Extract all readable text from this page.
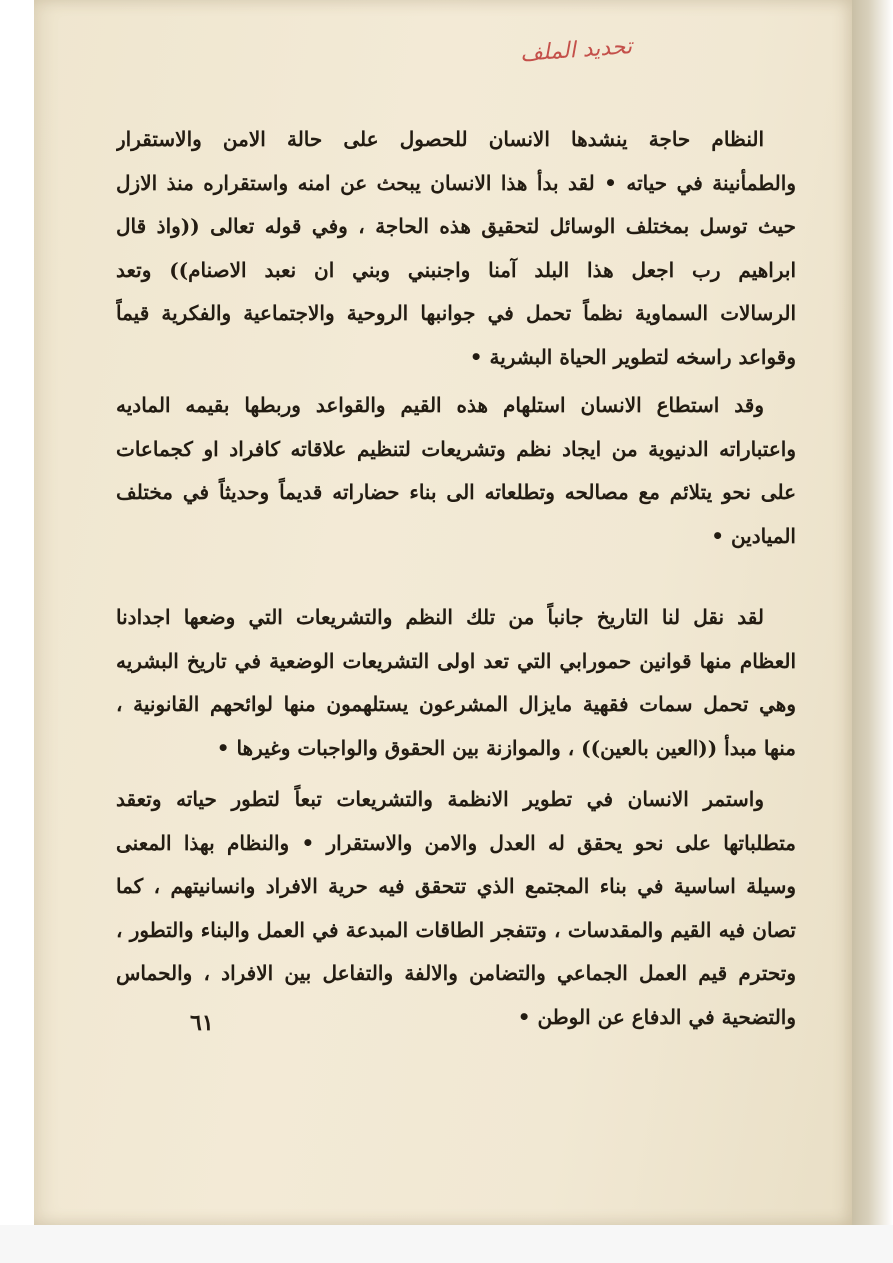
تحديد الملف
النظام حاجة ينشدها الانسان للحصول على حالة الامن والاستقرار
والطمأنينة في حياته • لقد بدأ هذا الانسان يبحث عن امنه واستقراره منذ الازل
حيث توسل بمختلف الوسائل لتحقيق هذه الحاجة ، وفي قوله تعالى ((واذ قال
ابراهيم رب اجعل هذا البلد آمنا واجنبني وبني ان نعبد الاصنام)) وتعد
الرسالات السماوية نظماً تحمل في جوانبها الروحية والاجتماعية والفكرية قيماً
وقواعد راسخه لتطوير الحياة البشرية •
وقد استطاع الانسان استلهام هذه القيم والقواعد وربطها بقيمه الماديه
واعتباراته الدنيوية من ايجاد نظم وتشريعات لتنظيم علاقاته كافراد او كجماعات
على نحو يتلائم مع مصالحه وتطلعاته الى بناء حضاراته قديماً وحديثاً في مختلف
الميادين •
لقد نقل لنا التاريخ جانباً من تلك النظم والتشريعات التي وضعها اجدادنا
العظام منها قوانين حمورابي التي تعد اولى التشريعات الوضعية في تاريخ البشريه
وهي تحمل سمات فقهية مايزال المشرعون يستلهمون منها لوائحهم القانونية ،
منها مبدأ ((العين بالعين)) ، والموازنة بين الحقوق والواجبات وغيرها •
واستمر الانسان في تطوير الانظمة والتشريعات تبعاً لتطور حياته وتعقد
متطلباتها على نحو يحقق له العدل والامن والاستقرار • والنظام بهذا المعنى
وسيلة اساسية في بناء المجتمع الذي تتحقق فيه حرية الافراد وانسانيتهم ، كما
تصان فيه القيم والمقدسات ، وتتفجر الطاقات المبدعة في العمل والبناء والتطور ،
وتحترم قيم العمل الجماعي والتضامن والالفة والتفاعل بين الافراد ، والحماس
والتضحية في الدفاع عن الوطن •
٦١
